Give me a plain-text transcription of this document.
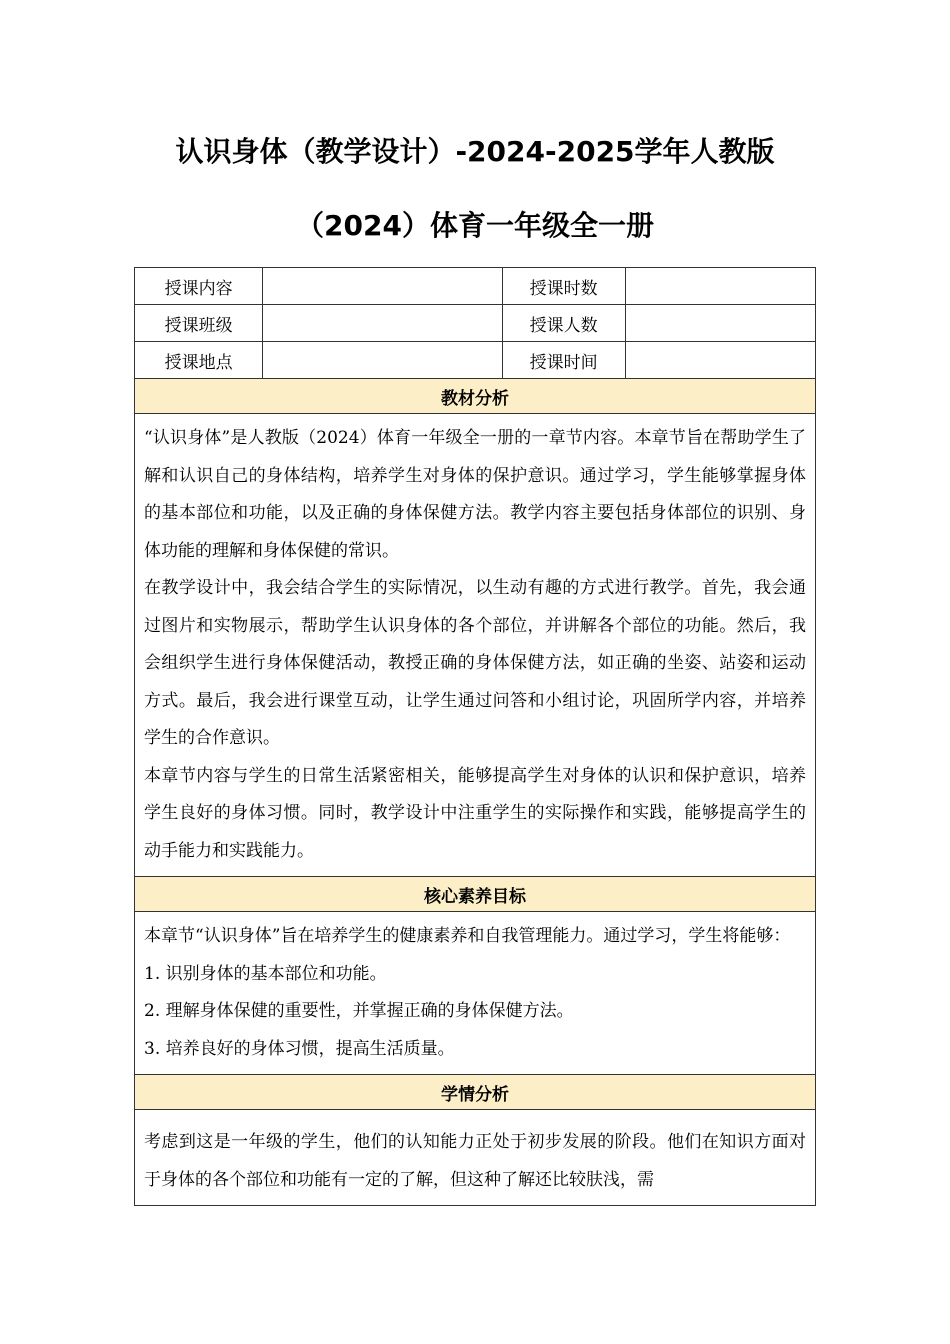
认识身体（教学设计）-2024-2025学年人教版
（2024）体育一年级全一册
授课内容		授课时数	
授课班级		授课人数	
授课地点		授课时间	
教材分析			

“认识身体”是人教版（2024）体育一年级全一册的一章节内容。本章节旨在帮助学生了解和认识自己的身体结构，培养学生对身体的保护意识。通过学习，学生能够掌握身体的基本部位和功能，以及正确的身体保健方法。教学内容主要包括身体部位的识别、身体功能的理解和身体保健的常识。

在教学设计中，我会结合学生的实际情况，以生动有趣的方式进行教学。首先，我会通过图片和实物展示，帮助学生认识身体的各个部位，并讲解各个部位的功能。然后，我会组织学生进行身体保健活动，教授正确的身体保健方法，如正确的坐姿、站姿和运动方式。最后，我会进行课堂互动，让学生通过问答和小组讨论，巩固所学内容，并培养学生的合作意识。

本章节内容与学生的日常生活紧密相关，能够提高学生对身体的认识和保护意识，培养学生良好的身体习惯。同时，教学设计中注重学生的实际操作和实践，能够提高学生的动手能力和实践能力。			

核心素养目标			

本章节“认识身体”旨在培养学生的健康素养和自我管理能力。通过学习，学生将能够：

1. 识别身体的基本部位和功能。

2. 理解身体保健的重要性，并掌握正确的身体保健方法。

3. 培养良好的身体习惯，提高生活质量。			

学情分析			

考虑到这是一年级的学生，他们的认知能力正处于初步发展的阶段。他们在知识方面对于身体的各个部位和功能有一定的了解，但这种了解还比较肤浅，需			
